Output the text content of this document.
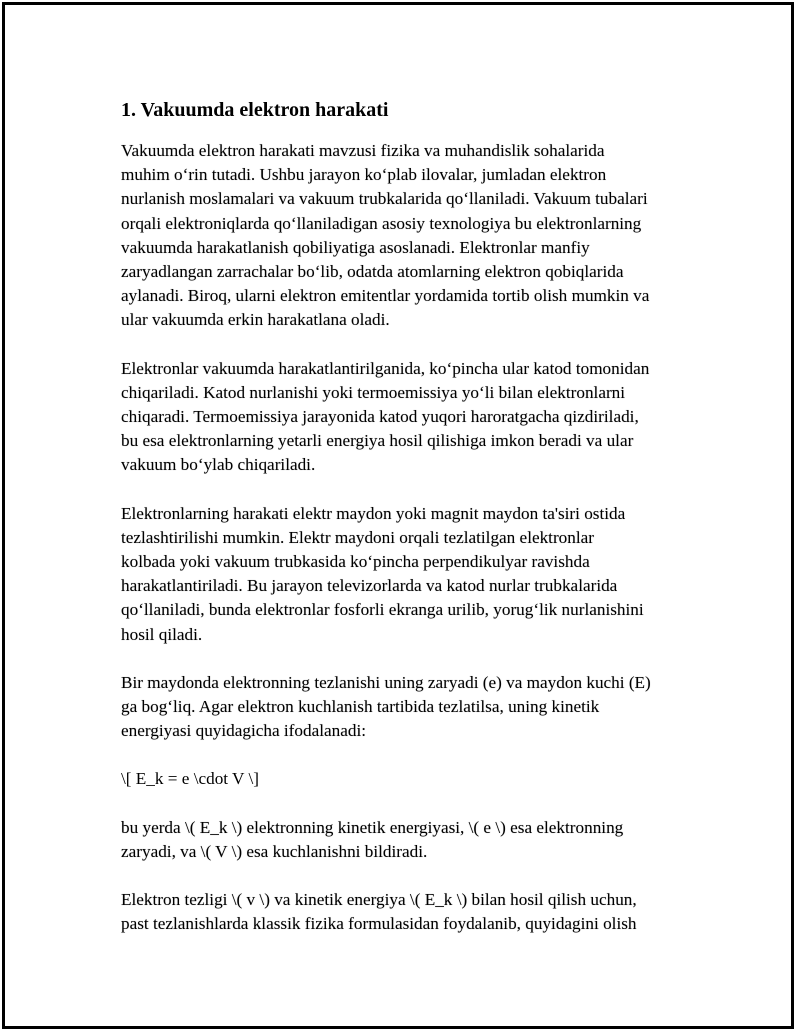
1. Vakuumda elektron harakati

Vakuumda elektron harakati mavzusi fizika va muhandislik sohalarida
muhim oʻrin tutadi. Ushbu jarayon koʻplab ilovalar, jumladan elektron
nurlanish moslamalari va vakuum trubkalarida qoʻllaniladi. Vakuum tubalari
orqali elektroniqlarda qoʻllaniladigan asosiy texnologiya bu elektronlarning
vakuumda harakatlanish qobiliyatiga asoslanadi. Elektronlar manfiy
zaryadlangan zarrachalar boʻlib, odatda atomlarning elektron qobiqlarida
aylanadi. Biroq, ularni elektron emitentlar yordamida tortib olish mumkin va
ular vakuumda erkin harakatlana oladi.

Elektronlar vakuumda harakatlantirilganida, koʻpincha ular katod tomonidan
chiqariladi. Katod nurlanishi yoki termoemissiya yoʻli bilan elektronlarni
chiqaradi. Termoemissiya jarayonida katod yuqori haroratgacha qizdiriladi,
bu esa elektronlarning yetarli energiya hosil qilishiga imkon beradi va ular
vakuum boʻylab chiqariladi.

Elektronlarning harakati elektr maydon yoki magnit maydon ta'siri ostida
tezlashtirilishi mumkin. Elektr maydoni orqali tezlatilgan elektronlar
kolbada yoki vakuum trubkasida koʻpincha perpendikulyar ravishda
harakatlantiriladi. Bu jarayon televizorlarda va katod nurlar trubkalarida
qoʻllaniladi, bunda elektronlar fosforli ekranga urilib, yorugʻlik nurlanishini
hosil qiladi.

Bir maydonda elektronning tezlanishi uning zaryadi (e) va maydon kuchi (E)
ga bogʻliq. Agar elektron kuchlanish tartibida tezlatilsa, uning kinetik
energiyasi quyidagicha ifodalanadi:

\[ E_k = e \cdot V \]

bu yerda \( E_k \) elektronning kinetik energiyasi, \( e \) esa elektronning
zaryadi, va \( V \) esa kuchlanishni bildiradi.

Elektron tezligi \( v \) va kinetik energiya \( E_k \) bilan hosil qilish uchun,
past tezlanishlarda klassik fizika formulasidan foydalanib, quyidagini olish
